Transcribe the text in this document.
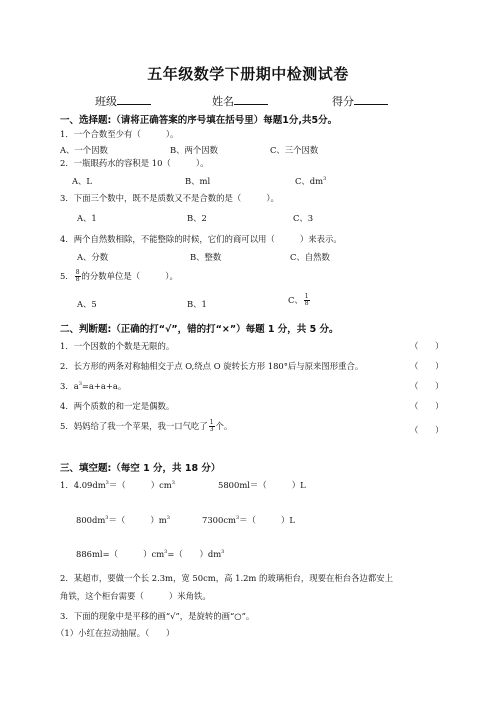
五年级数学下册期中检测试卷
班级	姓名	得分
一、选择题:（请将正确答案的序号填在括号里）每题1分,共5分。
1．一个合数至少有（　　　）。
A、一个因数	B、两个因数	C、三个因数
2．一瓶眼药水的容积是 10（　　　）。
A、L	B、ml	C、$dm^3$
3．下面三个数中，既不是质数又不是合数的是（　　　）。
A、1	B、2	C、3
4．两个自然数相除，不能整除的时候，它们的商可以用（　　　）来表示。
A、分数	B、整数	C、自然数
5． $\frac{8}{8}$ 的分数单位是（　　　）。
A、5	B、1	C、 $\frac{1}{8}$
二、判断题:（正确的打“√”，错的打“×”）每题 1 分，共 5 分。
1．一个因数的个数是无限的。	（　　）
2．长方形的两条对称轴相交于点 O,绕点 O 旋转长方形 180°后与原来图形重合。	（　　）
3．$a^3=a+a+a$。	（　　）
4．两个质数的和一定是偶数。	（　　）
5．妈妈给了我一个苹果，我一口气吃了 $\frac{1}{3}$ 个。	（　　）
三、填空题:（每空 1 分，共 18 分）
1．$4.09dm^3=$（　　　）$cm^3$	5800ml＝（　　　）L
$800dm^3=$（　　　）$m^3$	$7300cm^3=$（　　　）L
886ml=（　　　）$cm^3=$（　　）$dm^3$
2．某超市，要做一个长 2.3m，宽 50cm，高 1.2m 的玻璃柜台，现要在柜台各边都安上
角铁，这个柜台需要（　　　）米角铁。
3．下面的现象中是平移的画“√”，是旋转的画“○”。
（1）小红在拉动抽屉。（　　）
